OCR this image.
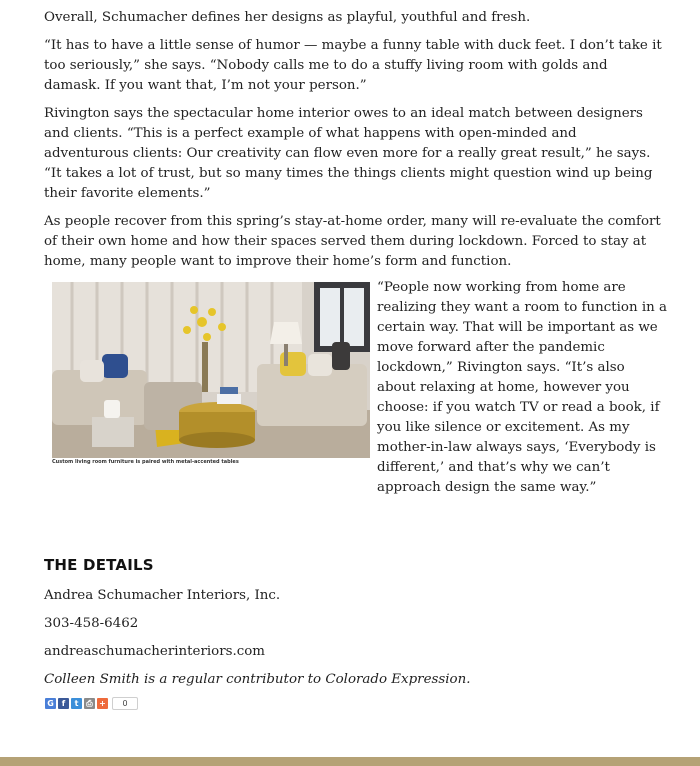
Overall, Schumacher defines her designs as playful, youthful and fresh.

“It has to have a little sense of humor — maybe a funny table with duck feet. I don’t take it too seriously,” she says. “Nobody calls me to do a stuffy living room with golds and damask. If you want that, I’m not your person.”

Rivington says the spectacular home interior owes to an ideal match between designers and clients. “This is a perfect example of what happens with open-minded and adventurous clients: Our creativity can flow even more for a really great result,” he says. “It takes a lot of trust, but so many times the things clients might question wind up being their favorite elements.”

As people recover from this spring’s stay-at-home order, many will re-evaluate the comfort of their own home and how their spaces served them during lockdown. Forced to stay at home, many people want to improve their home’s form and function.

Custom living room furniture is paired with metal-accented tables
“People now working from home are realizing they want a room to function in a certain way. That will be important as we move forward after the pandemic lockdown,” Rivington says. “It’s also about relaxing at home, however you choose: if you watch TV or read a book, if you like silence or excitement. As my mother-in-law always says, ‘Everybody is different,’ and that’s why we can’t approach design the same way.”
THE DETAILS
Andrea Schumacher Interiors, Inc.
303-458-6462
andreaschumacherinteriors.com
Colleen Smith is a regular contributor to Colorado Expression.
G f	t ⎙ +	0
